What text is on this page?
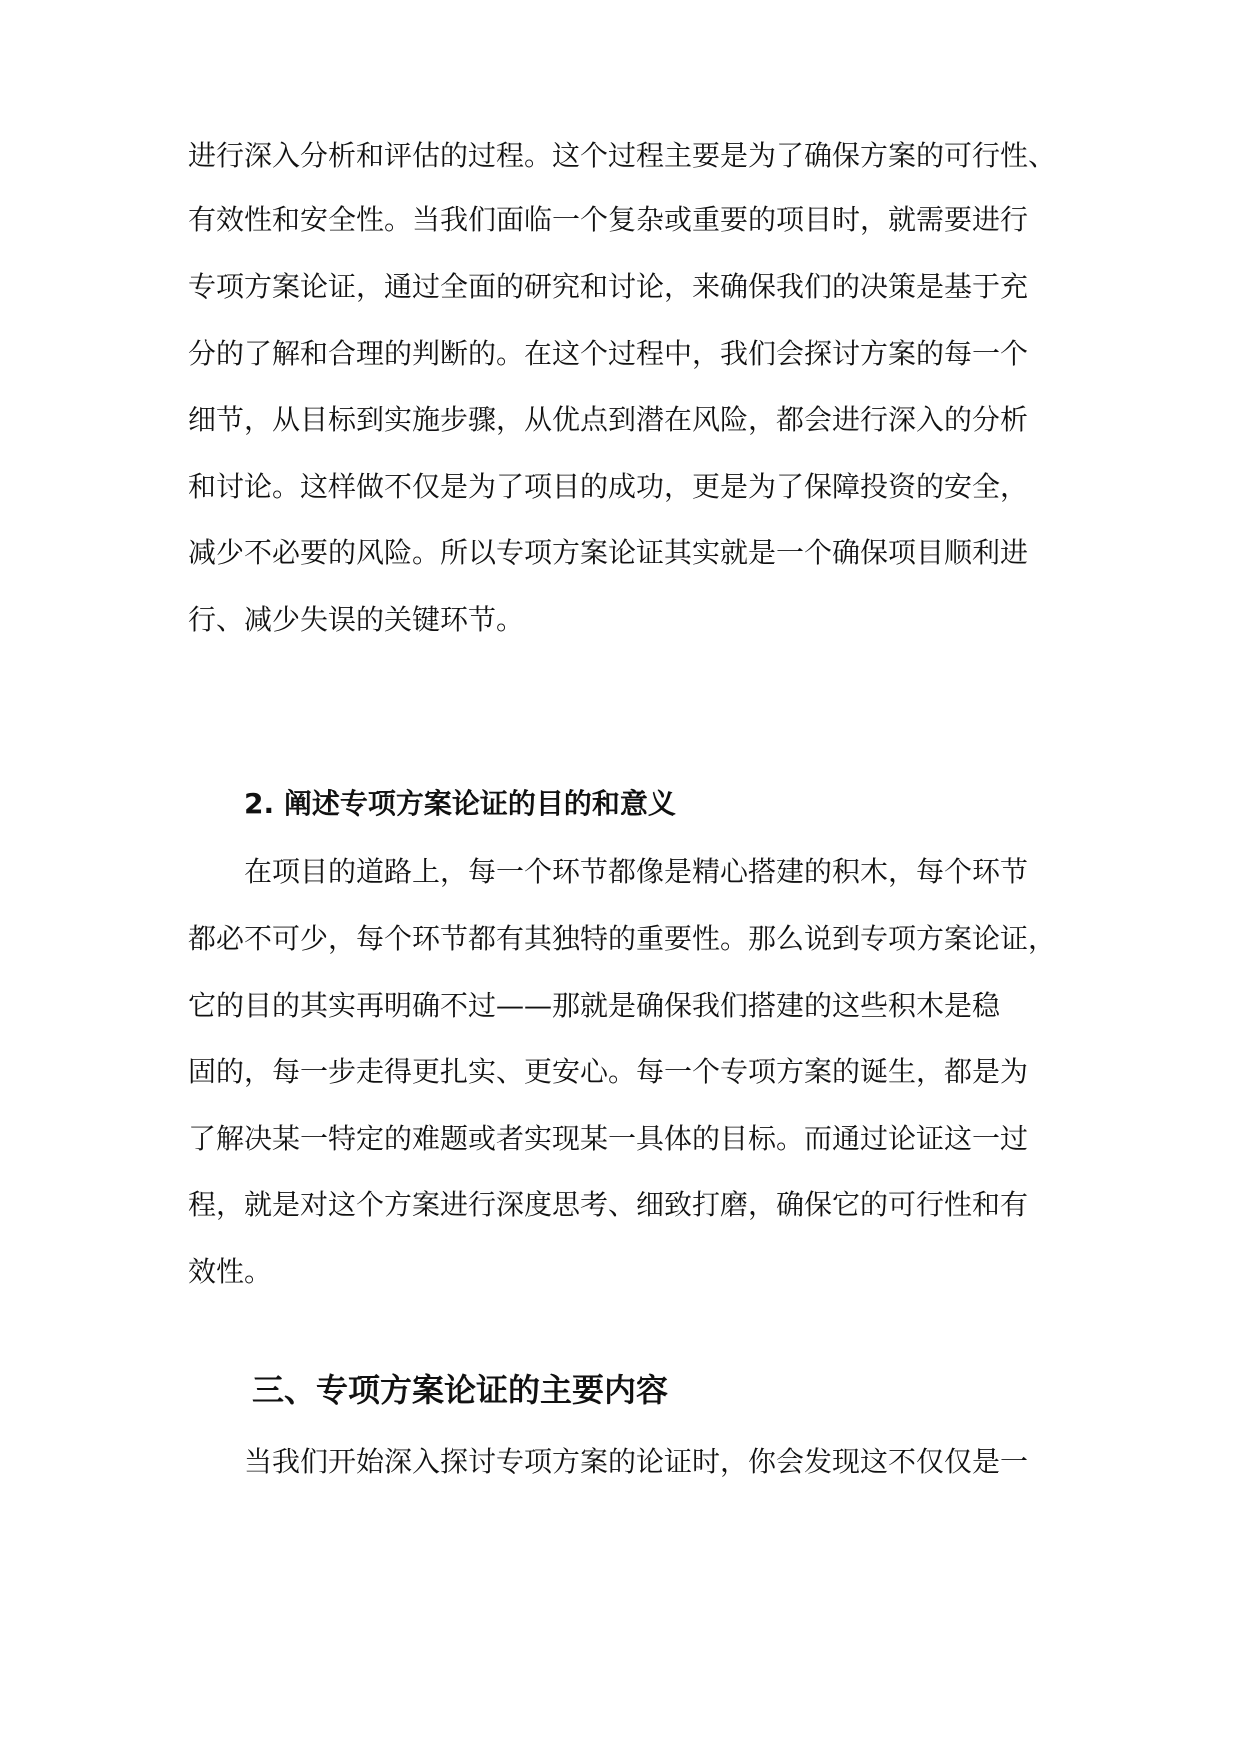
进行深入分析和评估的过程。这个过程主要是为了确保方案的可行性、
有效性和安全性。当我们面临一个复杂或重要的项目时，就需要进行
专项方案论证，通过全面的研究和讨论，来确保我们的决策是基于充
分的了解和合理的判断的。在这个过程中，我们会探讨方案的每一个
细节，从目标到实施步骤，从优点到潜在风险，都会进行深入的分析
和讨论。这样做不仅是为了项目的成功，更是为了保障投资的安全，
减少不必要的风险。所以专项方案论证其实就是一个确保项目顺利进
行、减少失误的关键环节。
2. 阐述专项方案论证的目的和意义
在项目的道路上，每一个环节都像是精心搭建的积木，每个环节
都必不可少，每个环节都有其独特的重要性。那么说到专项方案论证，
它的目的其实再明确不过——那就是确保我们搭建的这些积木是稳
固的，每一步走得更扎实、更安心。每一个专项方案的诞生，都是为
了解决某一特定的难题或者实现某一具体的目标。而通过论证这一过
程，就是对这个方案进行深度思考、细致打磨，确保它的可行性和有
效性。
三、专项方案论证的主要内容
当我们开始深入探讨专项方案的论证时，你会发现这不仅仅是一
